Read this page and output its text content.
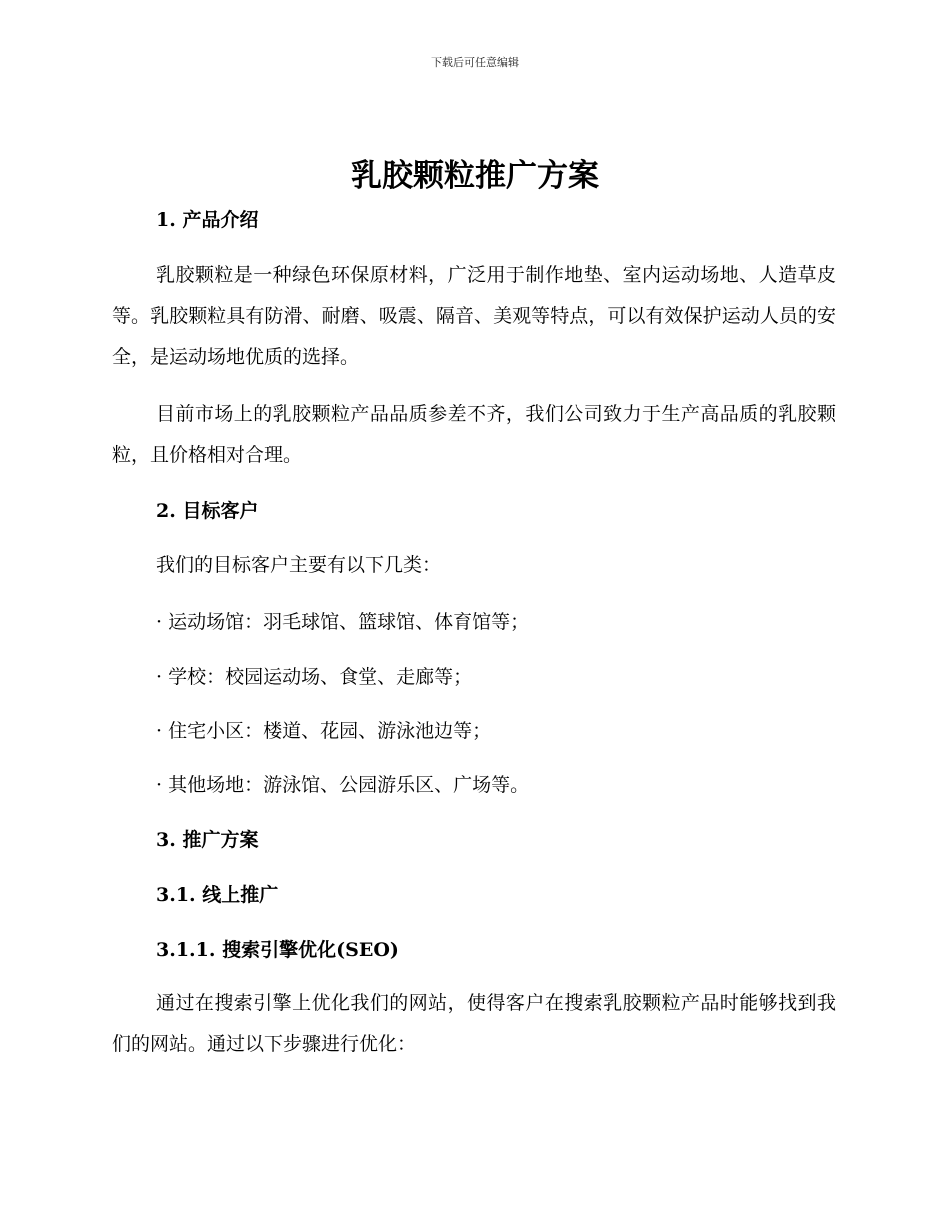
下载后可任意编辑
乳胶颗粒推广方案
1. 产品介绍

乳胶颗粒是一种绿色环保原材料，广泛用于制作地垫、室内运动场地、人造草皮等。乳胶颗粒具有防滑、耐磨、吸震、隔音、美观等特点，可以有效保护运动人员的安全，是运动场地优质的选择。

目前市场上的乳胶颗粒产品品质参差不齐，我们公司致力于生产高品质的乳胶颗粒，且价格相对合理。

2. 目标客户

我们的目标客户主要有以下几类：

· 运动场馆：羽毛球馆、篮球馆、体育馆等；

· 学校：校园运动场、食堂、走廊等；

· 住宅小区：楼道、花园、游泳池边等；

· 其他场地：游泳馆、公园游乐区、广场等。

3. 推广方案
3.1. 线上推广
3.1.1. 搜索引擎优化(SEO)

通过在搜索引擎上优化我们的网站，使得客户在搜索乳胶颗粒产品时能够找到我们的网站。通过以下步骤进行优化：
